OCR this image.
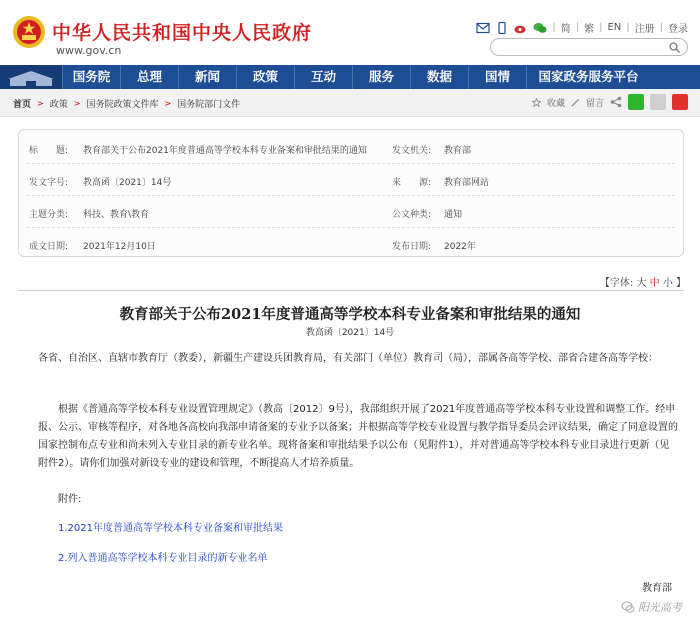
中华人民共和国中央人民政府
www.gov.cn
| 简 | 繁 | EN | 注册 | 登录
国务院	总理	新闻	政策	互动	服务	数据	国情	国家政务服务平台
首页 > 政策 > 国务院政策文件库 > 国务院部门文件	收藏 留言
标　　题:	教育部关于公布2021年度普通高等学校本科专业备案和审批结果的通知	发文机关:	教育部
发文字号:	教高函〔2021〕14号	来　　源:	教育部网站
主题分类:	科技、教育\教育	公文种类:	通知
成文日期:	2021年12月10日	发布日期:	2022年
【字体: 大 中 小 】
教育部关于公布2021年度普通高等学校本科专业备案和审批结果的通知
教高函〔2021〕14号
各省、自治区、直辖市教育厅（教委），新疆生产建设兵团教育局，有关部门（单位）教育司（局），部属各高等学校、部省合建各高等学校：
根据《普通高等学校本科专业设置管理规定》（教高〔2012〕9号），我部组织开展了2021年度普通高等学校本科专业设置和调整工作。经申报、公示、审核等程序，对各地各高校向我部申请备案的专业予以备案；并根据高等学校专业设置与教学指导委员会评议结果，确定了同意设置的国家控制布点专业和尚未列入专业目录的新专业名单。现将备案和审批结果予以公布（见附件1），并对普通高等学校本科专业目录进行更新（见附件2）。请你们加强对新设专业的建设和管理，不断提高人才培养质量。
附件:
1.2021年度普通高等学校本科专业备案和审批结果
2.列入普通高等学校本科专业目录的新专业名单
教育部
阳光高考
